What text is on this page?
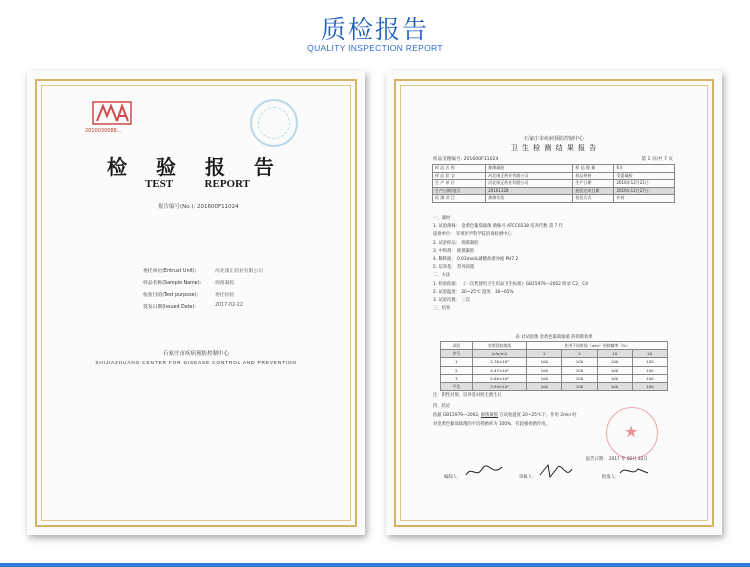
质检报告
QUALITY INSPECTION REPORT
2010030088...
检 验 报 告
TEST	REPORT
报告编号(No.): 201600F11024
委托单位(Entrust Unit):	河北康正药业有限公司
样品名称(Sample Name):	抑菌凝胶
检验目的(Test purpose):	委托检验
签发日期(Issued Date):	2017-02-22
石家庄市疾病预防控制中心
SHIJIAZHUANG CENTER FOR DISEASE CONTROL AND PREVENTION
石家庄市疾病预防控制中心
卫 生 检 测 结 果 报 告
样品受理编号: 201600F11024	第 1 页/共 7 页
样 品 名 称	抑菌凝胶	样 品 数 量	6支
样 品 状 态	河北康正药业有限公司	样品规格	受委凝胶
生 产 单 位	河北康正药业有限公司	生产日期	2016年12月21日
生产日期/批号	20161228	检验完成日期	2016年12月27日
检 测 项 目	抑菌实验	检验方式	补材
一、器材
1. 试验菌株： 金黄色葡萄球菌 菌株号 ATCC6538 培养代数 第 7 代
提供单位： 军事医学科学院消毒检测中心
2. 试验样品： 抑菌凝胶
3. 中和剂： 抑菌凝胶
4. 稀释液： 0.03mol/L磷酸盐缓冲液 PH7.2
5. 培养基： 营养琼脂
二、方法
1. 检验依据： 《一次性使用卫生用品卫生标准》GB15979—2002 附录 C2、C4
2. 试验温度： 20~25℃ 湿度：30~65%
3. 试验次数： 三次
三、结果
表 对试验菌 金黄色葡萄球菌 的抑菌效果
试验	对照回收菌落	作用不同时间（min）的抑菌率（%）			
序号	(cfu/ml)	2	5	10	20
1	2.76×10⁴	100	100	100	100
2	4.47×10⁴	100	100	100	100
3	4.60×10⁴	100	100	100	100
平均	3.94×10⁴	100	100	100	100
注：阴性对照、培养基对照无菌生长
四、结论
依据 GB15979—2002, 抑菌凝胶 在试验温度 20~25℃下，作用 2min 时
对金黄色葡萄球菌的平均抑菌率为 100%，有较强抑菌作用。	★
报告日期： 2017 年 02月 22日
编制人：	审核人：	批准人：
